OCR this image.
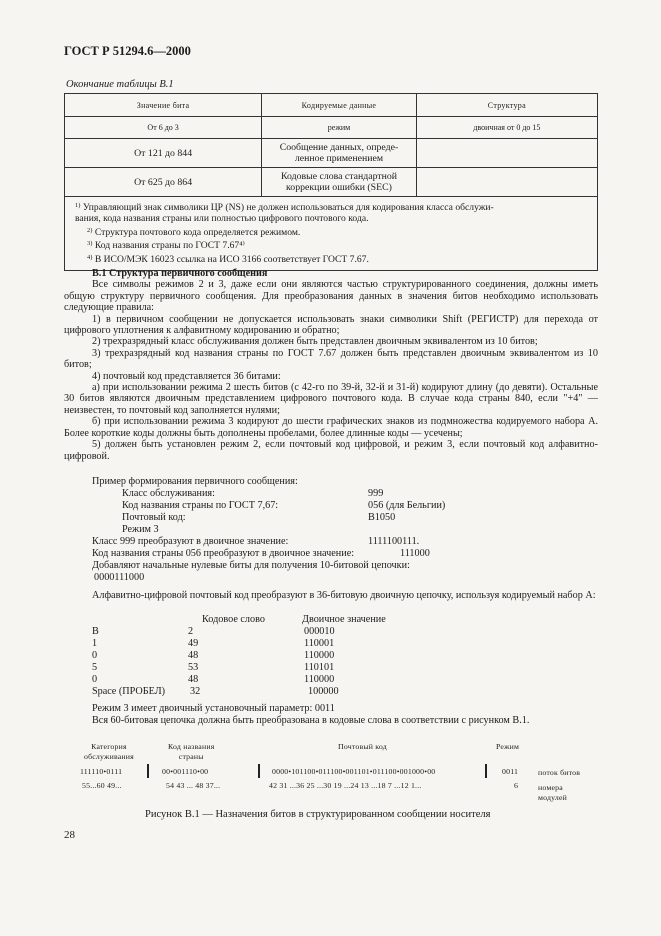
ГОСТ Р 51294.6—2000
Окончание таблицы В.1
Значение бита	Кодируемые данные	Структура
От 6 до 3	режим	двоичная от 0 до 15
От 121 до 844	Сообщение данных, опреде-
ленное применением	
От 625 до 864	Кодовые слова стандартной
коррекции ошибки (SEC)	

$^{1)}$ Управляющий знак символики ЦР (NS) не должен использоваться для кодирования класса обслужи-
вания, кода названия страны или полностью цифрового почтового кода.
$^{2)}$ Структура почтового кода определяется режимом.
$^{3)}$ Код названия страны по ГОСТ 7.67⁴⁾
$^{4)}$ В ИСО/МЭК 16023 ссылка на ИСО 3166 соответствует ГОСТ 7.67.		

В.1 Структура первичного сообщения

Все символы режимов 2 и 3, даже если они являются частью структурированного соединения, должны иметь общую структуру первичного сообщения. Для преобразования данных в значения битов необходимо использовать следующие правила:

1) в первичном сообщении не допускается использовать знаки символики Shift (РЕГИСТР) для перехода от цифрового уплотнения к алфавитному кодированию и обратно;

2) трехразрядный класс обслуживания должен быть представлен двоичным эквивалентом из 10 битов;

3) трехразрядный код названия страны по ГОСТ 7.67 должен быть представлен двоичным эквивалентом из 10 битов;

4) почтовый код представляется 36 битами:

а) при использовании режима 2 шесть битов (с 42-го по 39-й, 32-й и 31-й) кодируют длину (до девяти). Остальные 30 битов являются двоичным представлением цифрового почтового кода. В случае кода страны 840, если "+4" — неизвестен, то почтовый код заполняется нулями;

б) при использовании режима 3 кодируют до шести графических знаков из подмножества кодируемого набора А. Более короткие коды должны быть дополнены пробелами, более длинные коды — усечены;

5) должен быть установлен режим 2, если почтовый код цифровой, и режим 3, если почтовый код алфавитно-цифровой.

Пример формирования первичного сообщения:
Класс обслуживания:	999
Код названия страны по ГОСТ 7,67:	056 (для Бельгии)
Почтовый код:	B1050
Режим 3
Класс 999 преобразуют в двоичное значение:	1111100111.
Код названия страны 056 преобразуют в двоичное значение:	111000
Добавляют начальные нулевые биты для получения 10-битовой цепочки:
0000111000

Алфавитно-цифровой почтовый код преобразуют в 36-битовую двоичную цепочку, используя кодируемый набор А:

Кодовое слово	Двоичное значение
B	2	000010
1	49	110001
0	48	110000
5	53	110101
0	48	110000
Space (ПРОБЕЛ) 32	100000
Режим 3 имеет двоичный установочный параметр: 0011
Вся 60-битовая цепочка должна быть преобразована в кодовые слова в соответствии с рисунком В.1.
Категория
обслуживания
Код названия
страны
Почтовый код	Режим
111110•0111	00•001110•00	0000•101100•011100•001101•011100•001000•00	0011	поток битов
55...60 49...	54 43 ... 48 37...	42 31 ...36 25 ...30 19 ...24 13 ...18 7 ...12 1...	6	номера
модулей
Рисунок В.1 — Назначения битов в структурированном сообщении носителя
28
